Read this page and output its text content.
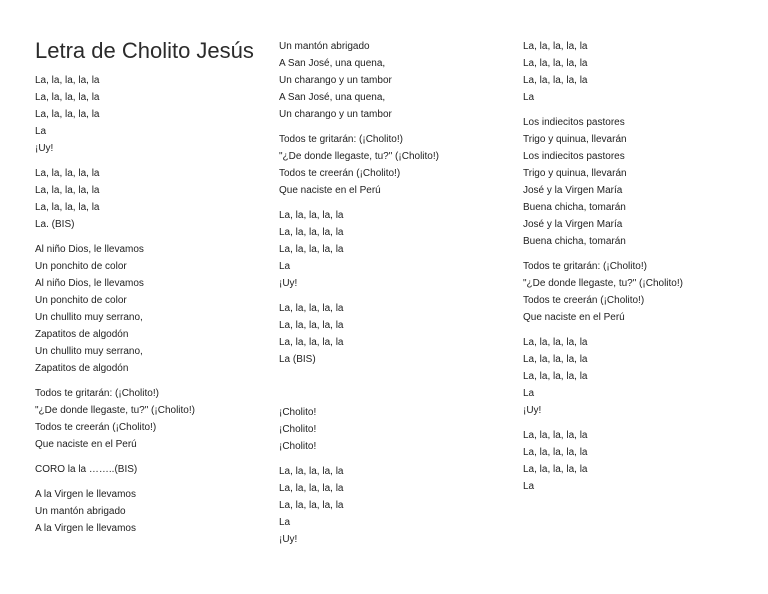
Letra de Cholito Jesús
La, la, la, la, la
La, la, la, la, la
La, la, la, la, la
La
¡Uy!
La, la, la, la, la
La, la, la, la, la
La, la, la, la, la
La. (BIS)
Al niño Dios, le llevamos
Un ponchito de color
Al niño Dios, le llevamos
Un ponchito de color
Un chullito muy serrano,
Zapatitos de algodón
Un chullito muy serrano,
Zapatitos de algodón
Todos te gritarán: (¡Cholito!)
"¿De donde llegaste, tu?" (¡Cholito!)
Todos te creerán (¡Cholito!)
Que naciste en el Perú
CORO la la ……..(BIS)
A la Virgen le llevamos
Un mantón abrigado
A la Virgen le llevamos
Un mantón abrigado
A San José, una quena,
Un charango y un tambor
A San José, una quena,
Un charango y un tambor
Todos te gritarán: (¡Cholito!)
"¿De donde llegaste, tu?" (¡Cholito!)
Todos te creerán (¡Cholito!)
Que naciste en el Perú
La, la, la, la, la
La, la, la, la, la
La, la, la, la, la
La
¡Uy!
La, la, la, la, la
La, la, la, la, la
La, la, la, la, la
La (BIS)
¡Cholito!
¡Cholito!
¡Cholito!
La, la, la, la, la
La, la, la, la, la
La, la, la, la, la
La
¡Uy!
La, la, la, la, la
La, la, la, la, la
La, la, la, la, la
La
Los indiecitos pastores
Trigo y quinua, llevarán
Los indiecitos pastores
Trigo y quinua, llevarán
José y la Virgen María
Buena chicha, tomarán
José y la Virgen María
Buena chicha, tomarán
Todos te gritarán: (¡Cholito!)
"¿De donde llegaste, tu?" (¡Cholito!)
Todos te creerán (¡Cholito!)
Que naciste en el Perú
La, la, la, la, la
La, la, la, la, la
La, la, la, la, la
La
¡Uy!
La, la, la, la, la
La, la, la, la, la
La, la, la, la, la
La
